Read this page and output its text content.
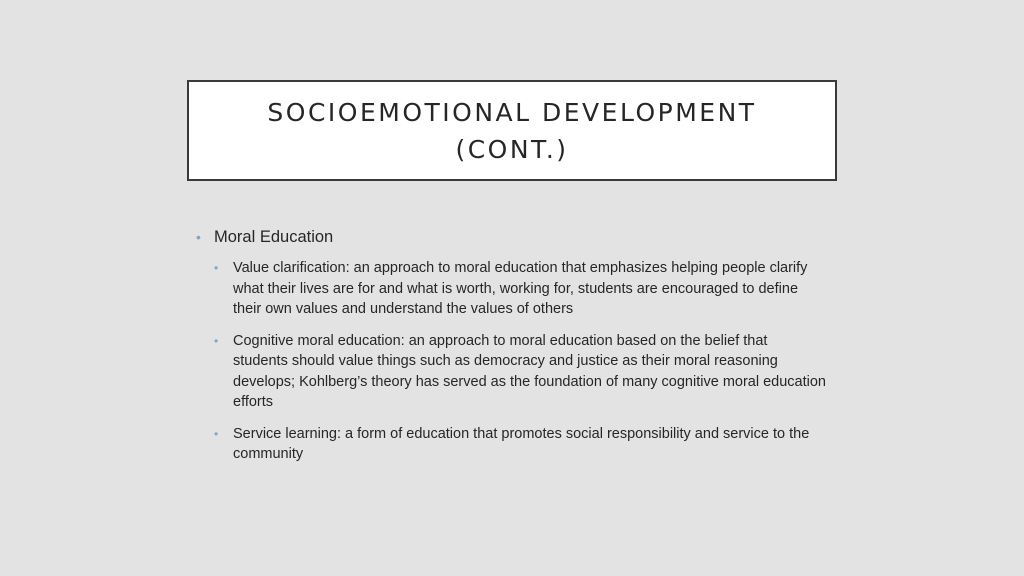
SOCIOEMOTIONAL DEVELOPMENT
(CONT.)
• Moral Education
• Value clarification: an approach to moral education that emphasizes helping people clarify what their lives are for and what is worth, working for, students are encouraged to define their own values and understand the values of others
• Cognitive moral education: an approach to moral education based on the belief that students should value things such as democracy and justice as their moral reasoning develops; Kohlberg’s theory has served as the foundation of many cognitive moral education efforts
• Service learning: a form of education that promotes social responsibility and service to the community
